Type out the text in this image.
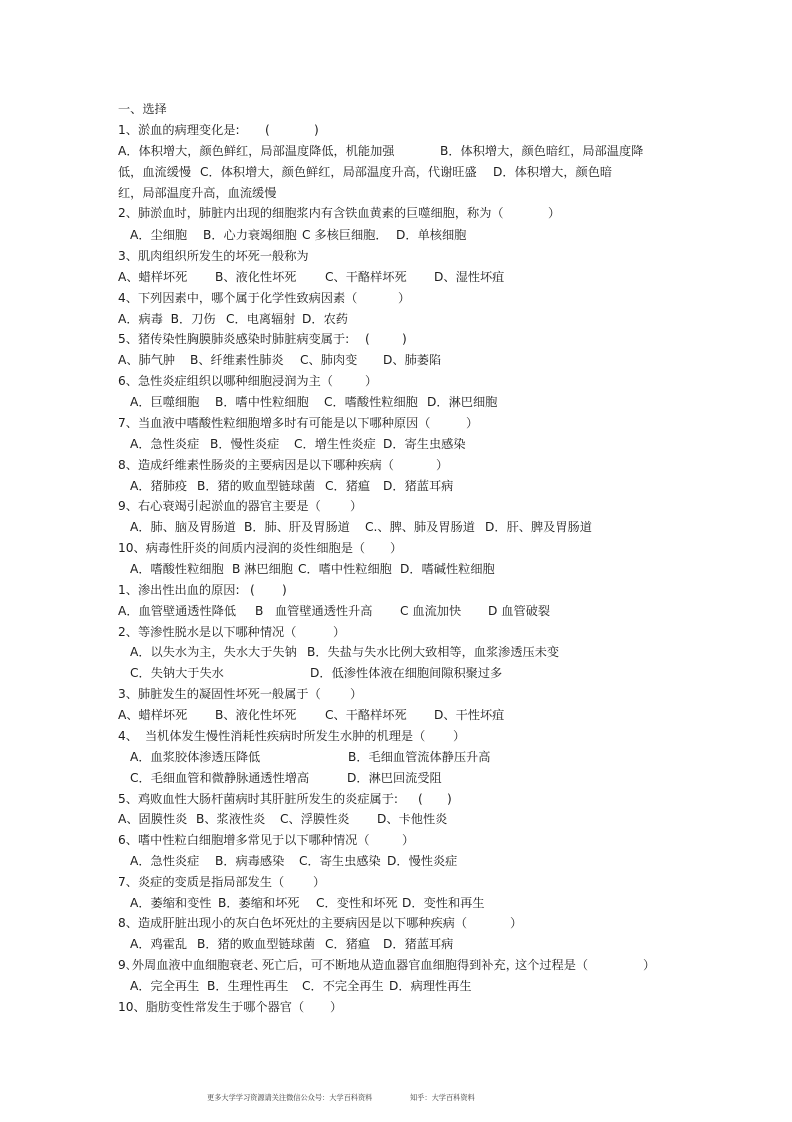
一、选择
1、淤血的病理变化是: (	)
A．体积增大，颜色鲜红，局部温度降低，机能加强	B．体积增大，颜色暗红，局部温度降
低，血流缓慢 C．体积增大，颜色鲜红，局部温度升高，代谢旺盛 D．体积增大，颜色暗
红，局部温度升高，血流缓慢
2、肺淤血时，肺脏内出现的细胞浆内有含铁血黄素的巨噬细胞，称为（	）
A．尘细胞 B．心力衰竭细胞 C 多核巨细胞． D．单核细胞
3、肌肉组织所发生的坏死一般称为
A、蜡样坏死 B、液化性坏死 C、干酪样坏死 D、湿性坏疽
4、下列因素中，哪个属于化学性致病因素（	）
A．病毒  B．刀伤 C．电离辐射 D．农药
5、猪传染性胸膜肺炎感染时肺脏病变属于: (	)
A、肺气肿 B、纤维素性肺炎 C、肺肉变 D、肺萎陷
6、急性炎症组织以哪种细胞浸润为主（	）
A．巨噬细胞 B．嗜中性粒细胞 C．嗜酸性粒细胞 D．淋巴细胞
7、当血液中嗜酸性粒细胞增多时有可能是以下哪种原因（	）
A．急性炎症 B．慢性炎症 C．增生性炎症 D．寄生虫感染
8、造成纤维素性肠炎的主要病因是以下哪种疾病（	）
A．猪肺疫 B．猪的败血型链球菌 C．猪瘟 D．猪蓝耳病
9、右心衰竭引起淤血的器官主要是（ ）
A．肺、脑及胃肠道 B．肺、肝及胃肠道 C.、脾、肺及胃肠道 D．肝、脾及胃肠道
10、病毒性肝炎的间质内浸润的炎性细胞是（ ）
A．嗜酸性粒细胞 B 淋巴细胞 C．嗜中性粒细胞 D．嗜碱性粒细胞
1、渗出性出血的原因: ( )
A．血管壁通透性降低 B 血管壁通透性升高 C 血流加快 D 血管破裂
2、等渗性脱水是以下哪种情况（	）
A．以失水为主，失水大于失钠 B．失盐与失水比例大致相等，血浆渗透压未变
C．失钠大于失水	D．低渗性体液在细胞间隙积聚过多
3、肺脏发生的凝固性坏死一般属于（ ）
A、蜡样坏死 B、液化性坏死 C、干酪样坏死 D、干性坏疽
4、 当机体发生慢性消耗性疾病时所发生水肿的机理是（ ）
A．血浆胶体渗透压降低	B．毛细血管流体静压升高
C．毛细血管和微静脉通透性增高	D．淋巴回流受阻
5、鸡败血性大肠杆菌病时其肝脏所发生的炎症属于: ( )
A、固膜性炎 B、浆液性炎 C、浮膜性炎 D、卡他性炎
6、嗜中性粒白细胞增多常见于以下哪种情况（	）
A．急性炎症 B．病毒感染 C．寄生虫感染 D．慢性炎症
7、炎症的变质是指局部发生（ ）
A．萎缩和变性 B．萎缩和坏死 C．变性和坏死 D．变性和再生
8、造成肝脏出现小的灰白色坏死灶的主要病因是以下哪种疾病（	）
A．鸡霍乱 B．猪的败血型链球菌 C．猪瘟 D．猪蓝耳病
9､外周血液中血细胞衰老、
死亡后，可不断地从造血器官血细胞得到补充，
这个过程是（	）
A．完全再生 B．生理性再生 C．不完全再生 D．病理性再生
10、脂肪变性常发生于哪个器官（ ）
更多大学学习资源请关注微信公众号：大学百科资料	知乎：大学百科资料
